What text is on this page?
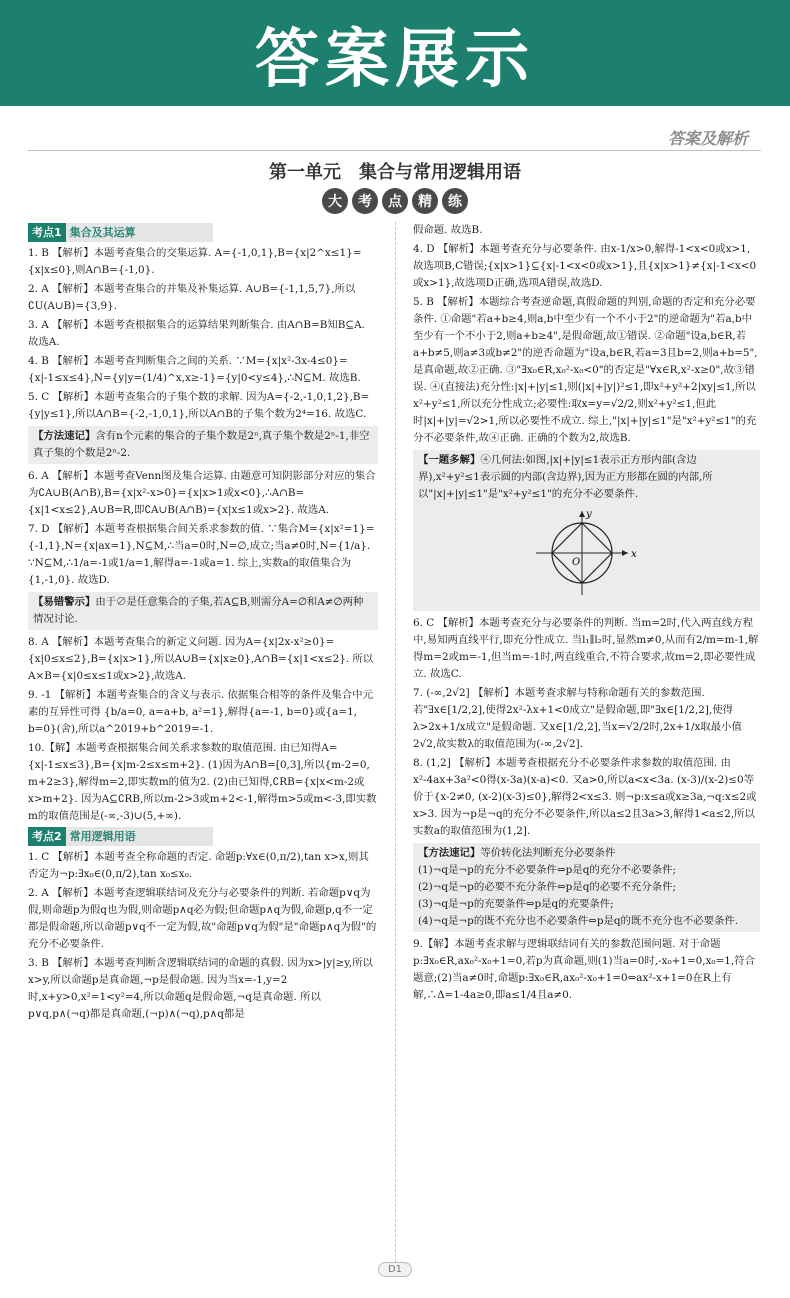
答案展示
答案及解析
第一单元　集合与常用逻辑用语
大	考	点	精	练
考点1 集合及其运算
1. B 【解析】本题考查集合的交集运算. A={-1,0,1},B={x|2^x≤1}={x|x≤0},则A∩B={-1,0}.
2. A 【解析】本题考查集合的并集及补集运算. A∪B={-1,1,5,7},所以∁U(A∪B)={3,9}.
3. A 【解析】本题考查根据集合的运算结果判断集合. 由A∩B=B知B⊆A. 故选A.
4. B 【解析】本题考查判断集合之间的关系. ∵M={x|x²-3x-4≤0}={x|-1≤x≤4},N={y|y=(1/4)^x,x≥-1}={y|0<y≤4},∴N⊆M. 故选B.
5. C 【解析】本题考查集合的子集个数的求解. 因为A={-2,-1,0,1,2},B={y|y≤1},所以A∩B={-2,-1,0,1},所以A∩B的子集个数为2⁴=16. 故选C.
【方法速记】含有n个元素的集合的子集个数是2ⁿ,真子集个数是2ⁿ-1,非空真子集的个数是2ⁿ-2.
6. A 【解析】本题考查Venn图及集合运算. 由题意可知阴影部分对应的集合为∁A∪B(A∩B),B={x|x²-x>0}={x|x>1或x<0},∴A∩B={x|1<x≤2},A∪B=R,即∁A∪B(A∩B)={x|x≤1或x>2}. 故选A.
7. D 【解析】本题考查根据集合间关系求参数的值. ∵集合M={x|x²=1}={-1,1},N={x|ax=1},N⊆M,∴当a=0时,N=∅,成立;当a≠0时,N={1/a}. ∵N⊆M,∴1/a=-1或1/a=1,解得a=-1或a=1. 综上,实数a的取值集合为{1,-1,0}. 故选D.
【易错警示】由于∅是任意集合的子集,若A⊆B,则需分A=∅和A≠∅两种情况讨论.
8. A 【解析】本题考查集合的新定义问题. 因为A={x|2x-x²≥0}={x|0≤x≤2},B={x|x>1},所以A∪B={x|x≥0},A∩B={x|1<x≤2}. 所以A×B={x|0≤x≤1或x>2},故选A.
9. -1 【解析】本题考查集合的含义与表示. 依据集合相等的条件及集合中元素的互异性可得 {b/a=0, a=a+b, a²=1},解得{a=-1, b=0}或{a=1, b=0}(舍),所以a^2019+b^2019=-1.
10.【解】本题考查根据集合间关系求参数的取值范围. 由已知得A={x|-1≤x≤3},B={x|m-2≤x≤m+2}. (1)因为A∩B=[0,3],所以{m-2=0, m+2≥3},解得m=2,即实数m的值为2. (2)由已知得,∁RB={x|x<m-2或x>m+2}. 因为A⊆∁RB,所以m-2>3或m+2<-1,解得m>5或m<-3,即实数m的取值范围是(-∞,-3)∪(5,+∞).
考点2 常用逻辑用语
1. C 【解析】本题考查全称命题的否定. 命题p:∀x∈(0,π/2),tan x>x,则其否定为¬p:∃x₀∈(0,π/2),tan x₀≤x₀.
2. A 【解析】本题考查逻辑联结词及充分与必要条件的判断. 若命题p∨q为假,则命题p为假q也为假,则命题p∧q必为假;但命题p∧q为假,命题p,q不一定都是假命题,所以命题p∨q不一定为假,故"命题p∨q为假"是"命题p∧q为假"的充分不必要条件.
3. B 【解析】本题考查判断含逻辑联结词的命题的真假. 因为x>|y|≥y,所以x>y,所以命题p是真命题,¬p是假命题. 因为当x=-1,y=2时,x+y>0,x²=1<y²=4,所以命题q是假命题,¬q是真命题. 所以p∨q,p∧(¬q)都是真命题,(¬p)∧(¬q),p∧q都是
假命题. 故选B.
4. D 【解析】本题考查充分与必要条件. 由x-1/x>0,解得-1<x<0或x>1,故选项B,C错误;{x|x>1}⊆{x|-1<x<0或x>1},且{x|x>1}≠{x|-1<x<0或x>1},故选项D正确,选项A错误,故选D.
5. B 【解析】本题综合考查逆命题,真假命题的判别,命题的否定和充分必要条件. ①命题"若a+b≥4,则a,b中至少有一个不小于2"的逆命题为"若a,b中至少有一个不小于2,则a+b≥4",是假命题,故①错误. ②命题"设a,b∈R,若a+b≠5,则a≠3或b≠2"的逆否命题为"设a,b∈R,若a=3且b=2,则a+b=5",是真命题,故②正确. ③"∃x₀∈R,x₀²-x₀<0"的否定是"∀x∈R,x²-x≥0",故③错误. ④(直接法)充分性:|x|+|y|≤1,则(|x|+|y|)²≤1,即x²+y²+2|xy|≤1,所以x²+y²≤1,所以充分性成立;必要性:取x=y=√2/2,则x²+y²≤1,但此时|x|+|y|=√2>1,所以必要性不成立. 综上,"|x|+|y|≤1"是"x²+y²≤1"的充分不必要条件,故④正确. 正确的个数为2,故选B.
【一题多解】④几何法:如图,|x|+|y|≤1表示正方形内部(含边界),x²+y²≤1表示圆的内部(含边界),因为正方形都在圆的内部,所以"|x|+|y|≤1"是"x²+y²≤1"的充分不必要条件.
x
y
O
6. C 【解析】本题考查充分与必要条件的判断. 当m=2时,代入两直线方程中,易知两直线平行,即充分性成立. 当l₁∥l₂时,显然m≠0,从而有2/m=m-1,解得m=2或m=-1,但当m=-1时,两直线重合,不符合要求,故m=2,即必要性成立. 故选C.
7. (-∞,2√2] 【解析】本题考查求解与特称命题有关的参数范围. 若"∃x∈[1/2,2],使得2x²-λx+1<0成立"是假命题,即"∃x∈[1/2,2],使得λ>2x+1/x成立"是假命题. 又x∈[1/2,2],当x=√2/2时,2x+1/x取最小值2√2,故实数λ的取值范围为(-∞,2√2].
8. (1,2] 【解析】本题考查根据充分不必要条件求参数的取值范围. 由x²-4ax+3a²<0得(x-3a)(x-a)<0. 又a>0,所以a<x<3a. (x-3)/(x-2)≤0等价于{x-2≠0, (x-2)(x-3)≤0},解得2<x≤3. 则¬p:x≤a或x≥3a,¬q:x≤2或x>3. 因为¬p是¬q的充分不必要条件,所以a≤2且3a>3,解得1<a≤2,所以实数a的取值范围为(1,2].
【方法速记】等价转化法判断充分必要条件
(1)¬q是¬p的充分不必要条件⇔p是q的充分不必要条件;
(2)¬q是¬p的必要不充分条件⇔p是q的必要不充分条件;
(3)¬q是¬p的充要条件⇔p是q的充要条件;
(4)¬q是¬p的既不充分也不必要条件⇔p是q的既不充分也不必要条件.
9.【解】本题考查求解与逻辑联结词有关的参数范围问题. 对于命题p:∃x₀∈R,ax₀²-x₀+1=0,若p为真命题,则(1)当a=0时,-x₀+1=0,x₀=1,符合题意;(2)当a≠0时,命题p:∃x₀∈R,ax₀²-x₀+1=0⇔ax²-x+1=0在R上有解,∴Δ=1-4a≥0,即a≤1/4且a≠0.
D1
